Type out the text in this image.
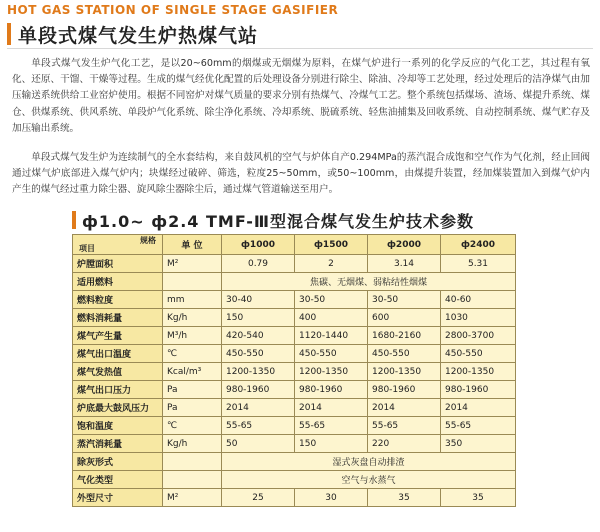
HOT GAS STATION OF SINGLE STAGE GASIFIER
单段式煤气发生炉热煤气站
单段式煤气发生炉气化工艺，是以20~60mm的烟煤或无烟煤为原料，在煤气炉进行一系列的化学反应的气化工艺，其过程有氧化、还原、干馏、干燥等过程。生成的煤气经优化配置的后处理设备分别进行除尘、除油、冷却等工艺处理，经过处理后的洁净煤气由加压输送系统供给工业窑炉使用。根据不同窑炉对煤气质量的要求分别有热煤气、冷煤气工艺。整个系统包括煤场、渣场、煤提升系统、煤仓、供煤系统、供风系统、单段炉气化系统、除尘净化系统、冷却系统、脱硫系统、轻焦油捕集及回收系统、自动控制系统、煤气贮存及加压输出系统。
单段式煤气发生炉为连续制气的全水套结构，来自鼓风机的空气与炉体自产0.294MPa的蒸汽混合成饱和空气作为气化剂，经止回阀通过煤气炉底部进入煤气炉内；块煤经过破碎、筛选，粒度25~50mm，或50~100mm，由煤提升装置，经加煤装置加入到煤气炉内产生的煤气经过重力除尘器、旋风除尘器除尘后，通过煤气管道输送至用户。
ф1.0~ ф2.4 TMF-Ⅲ型混合煤气发生炉技术参数
规格
项目	单 位	ф1000	ф1500	ф2000	ф2400
炉膛面积	M²	0.79	2	3.14	5.31
适用燃料		焦碳、无烟煤、弱粘结性烟煤			
燃料粒度	mm	30-40	30-50	30-50	40-60
燃料消耗量	Kg/h	150	400	600	1030
煤气产生量	M³/h	420-540	1120-1440	1680-2160	2800-3700
煤气出口温度	℃	450-550	450-550	450-550	450-550
煤气发热值	Kcal/m³	1200-1350	1200-1350	1200-1350	1200-1350
煤气出口压力	Pa	980-1960	980-1960	980-1960	980-1960
炉底最大鼓风压力	Pa	2014	2014	2014	2014
饱和温度	℃	55-65	55-65	55-65	55-65
蒸汽消耗量	Kg/h	50	150	220	350
除灰形式		湿式灰盘自动排渣			
气化类型		空气与水蒸气			
外型尺寸	M²	25	30	35	35
